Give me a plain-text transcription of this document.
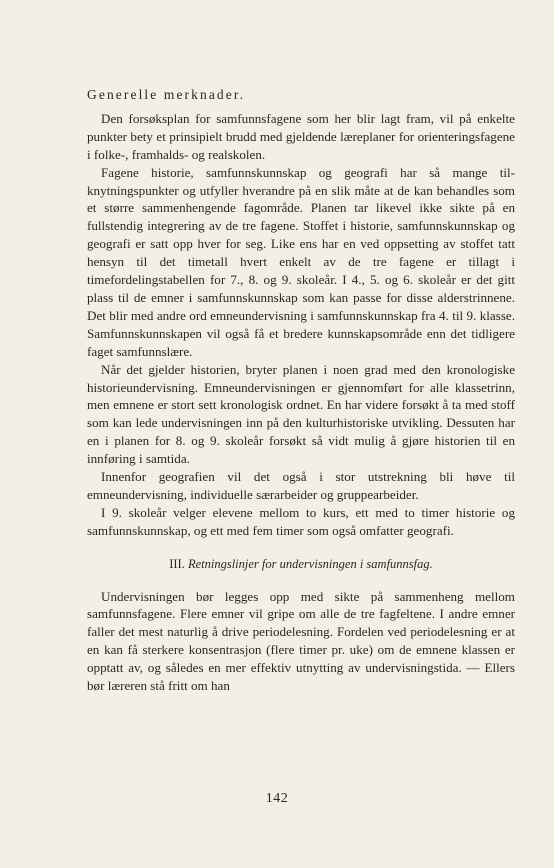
Generelle merknader.

Den forsøksplan for samfunnsfagene som her blir lagt fram, vil på enkelte punkter bety et prinsipielt brudd med gjeldende læreplaner for orienteringsfagene i folke-, framhalds- og realskolen.

Fagene historie, samfunnskunnskap og geografi har så mange tilknytningspunkter og utfyller hverandre på en slik måte at de kan behandles som et større sammenhengende fagområde. Planen tar likevel ikke sikte på en fullstendig integrering av de tre fagene. Stoffet i historie, samfunnskunnskap og geografi er satt opp hver for seg. Like ens har en ved oppsetting av stoffet tatt hensyn til det timetall hvert enkelt av de tre fagene er tillagt i timefordelingstabellen for 7., 8. og 9. skoleår. I 4., 5. og 6. skoleår er det gitt plass til de emner i samfunnskunnskap som kan passe for disse alderstrinnene. Det blir med andre ord emneundervisning i samfunnskunnskap fra 4. til 9. klasse. Samfunnskunnskapen vil også få et bredere kunnskapsområde enn det tidligere faget samfunnslære.

Når det gjelder historien, bryter planen i noen grad med den kronologiske historieundervisning. Emneundervisningen er gjennomført for alle klassetrinn, men emnene er stort sett kronologisk ordnet. En har videre forsøkt å ta med stoff som kan lede undervisningen inn på den kulturhistoriske utvikling. Dessuten har en i planen for 8. og 9. skoleår forsøkt så vidt mulig å gjøre historien til en innføring i samtida.

Innenfor geografien vil det også i stor utstrekning bli høve til emneundervisning, individuelle særarbeider og gruppearbeider.

I 9. skoleår velger elevene mellom to kurs, ett med to timer historie og samfunnskunnskap, og ett med fem timer som også omfatter geografi.

III. Retningslinjer for undervisningen i samfunnsfag.

Undervisningen bør legges opp med sikte på sammenheng mellom samfunnsfagene. Flere emner vil gripe om alle de tre fagfeltene. I andre emner faller det mest naturlig å drive periodelesning. Fordelen ved periodelesning er at en kan få sterkere konsentrasjon (flere timer pr. uke) om de emnene klassen er opptatt av, og således en mer effektiv utnytting av undervisningstida. — Ellers bør læreren stå fritt om han

142
